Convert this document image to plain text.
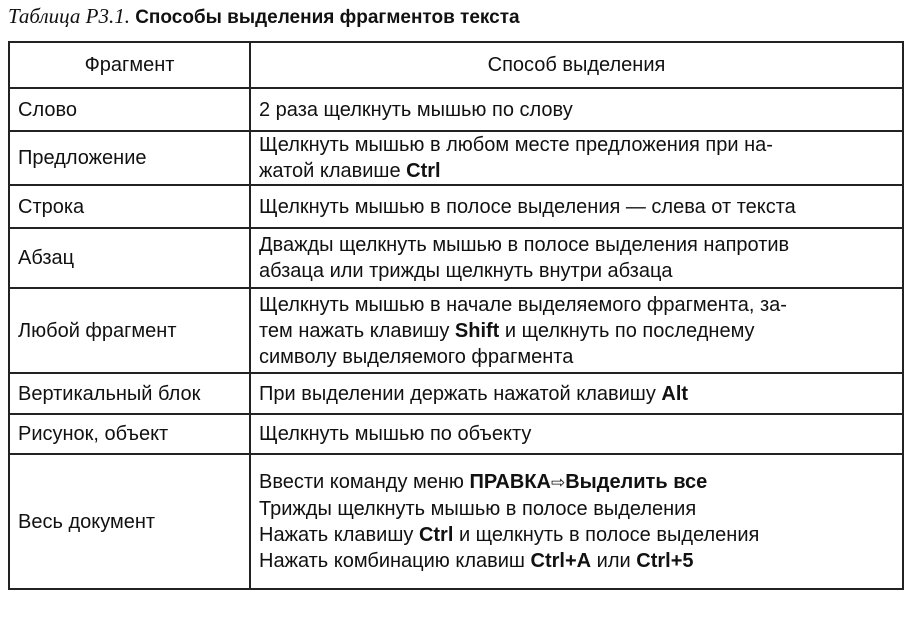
Таблица Р3.1. Способы выделения фрагментов текста
Фрагмент	Способ выделения
Слово	2 раза щелкнуть мышью по слову

Предложение	Щелкнуть мышью в любом месте предложения при на-
жатой клавише Ctrl

Строка	Щелкнуть мышью в полосе выделения — слева от текста

Абзац	Дважды щелкнуть мышью в полосе выделения напротив
абзаца или трижды щелкнуть внутри абзаца

Любой фрагмент	Щелкнуть мышью в начале выделяемого фрагмента, за-
тем нажать клавишу Shift и щелкнуть по последнему
символу выделяемого фрагмента

Вертикальный блок	При выделении держать нажатой клавишу Alt

Рисунок, объект	Щелкнуть мышью по объекту

Весь документ	Ввести команду меню ПРАВКА⇨Выделить все
Трижды щелкнуть мышью в полосе выделения
Нажать клавишу Ctrl и щелкнуть в полосе выделения
Нажать комбинацию клавиш Ctrl+A или Ctrl+5
